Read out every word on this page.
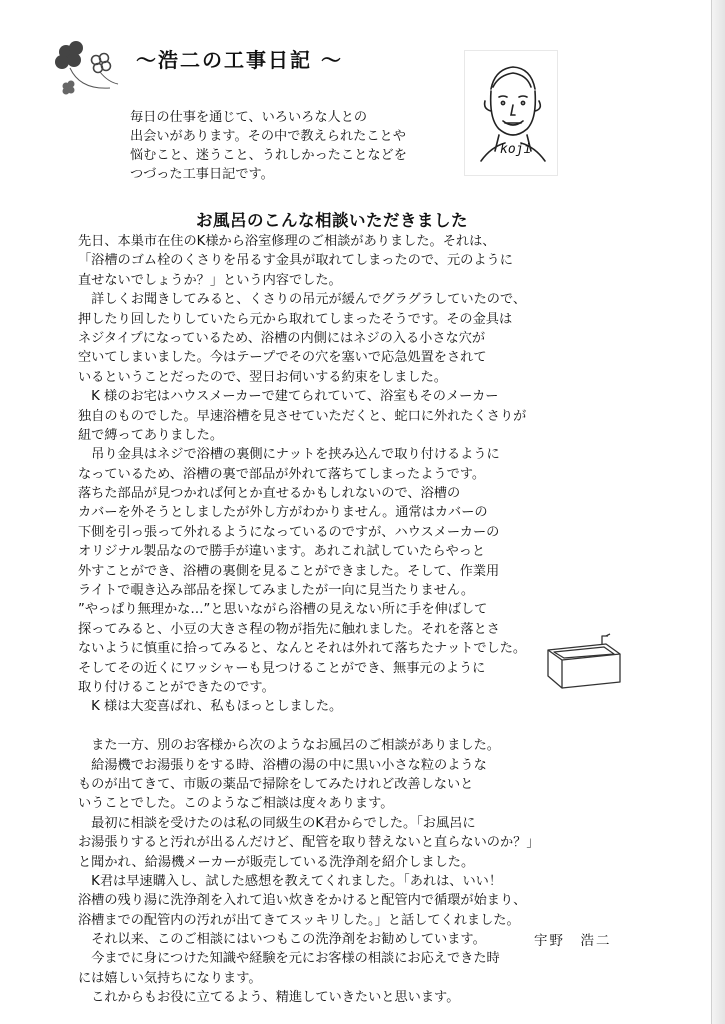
～浩二の工事日記 ～

毎日の仕事を通じて、いろいろな人との

出会いがあります。その中で教えられたことや

悩むこと、迷うこと、うれしかったことなどを

つづった工事日記です。

koji
お風呂のこんな相談いただきました

先日、本巣市在住のK様から浴室修理のご相談がありました。それは、

「浴槽のゴム栓のくさりを吊るす金具が取れてしまったので、元のように

直せないでしょうか？」という内容でした。

　詳しくお聞きしてみると、くさりの吊元が緩んでグラグラしていたので、

押したり回したりしていたら元から取れてしまったそうです。その金具は

ネジタイプになっているため、浴槽の内側にはネジの入る小さな穴が

空いてしまいました。今はテープでその穴を塞いで応急処置をされて

いるということだったので、翌日お伺いする約束をしました。

　K 様のお宅はハウスメーカーで建てられていて、浴室もそのメーカー

独自のものでした。早速浴槽を見させていただくと、蛇口に外れたくさりが

紐で縛ってありました。

　吊り金具はネジで浴槽の裏側にナットを挟み込んで取り付けるように

なっているため、浴槽の裏で部品が外れて落ちてしまったようです。

落ちた部品が見つかれば何とか直せるかもしれないので、浴槽の

カバーを外そうとしましたが外し方がわかりません。通常はカバーの

下側を引っ張って外れるようになっているのですが、ハウスメーカーの

オリジナル製品なので勝手が違います。あれこれ試していたらやっと

外すことができ、浴槽の裏側を見ることができました。そして、作業用

ライトで覗き込み部品を探してみましたが一向に見当たりません。

”やっぱり無理かな…”と思いながら浴槽の見えない所に手を伸ばして

探ってみると、小豆の大きさ程の物が指先に触れました。それを落とさ

ないように慎重に拾ってみると、なんとそれは外れて落ちたナットでした。

そしてその近くにワッシャーも見つけることができ、無事元のように

取り付けることができたのです。

　K 様は大変喜ばれ、私もほっとしました。

　また一方、別のお客様から次のようなお風呂のご相談がありました。

　給湯機でお湯張りをする時、浴槽の湯の中に黒い小さな粒のような

ものが出てきて、市販の薬品で掃除をしてみたけれど改善しないと

いうことでした。このようなご相談は度々あります。

　最初に相談を受けたのは私の同級生のK君からでした。「お風呂に

お湯張りすると汚れが出るんだけど、配管を取り替えないと直らないのか？」

と聞かれ、給湯機メーカーが販売している洗浄剤を紹介しました。

　K君は早速購入し、試した感想を教えてくれました。「あれは、いい！

浴槽の残り湯に洗浄剤を入れて追い炊きをかけると配管内で循環が始まり、

浴槽までの配管内の汚れが出てきてスッキリした。」と話してくれました。

　それ以来、このご相談にはいつもこの洗浄剤をお勧めしています。

　今までに身につけた知識や経験を元にお客様の相談にお応えできた時

には嬉しい気持ちになります。

　これからもお役に立てるよう、精進していきたいと思います。

宇野　浩二
